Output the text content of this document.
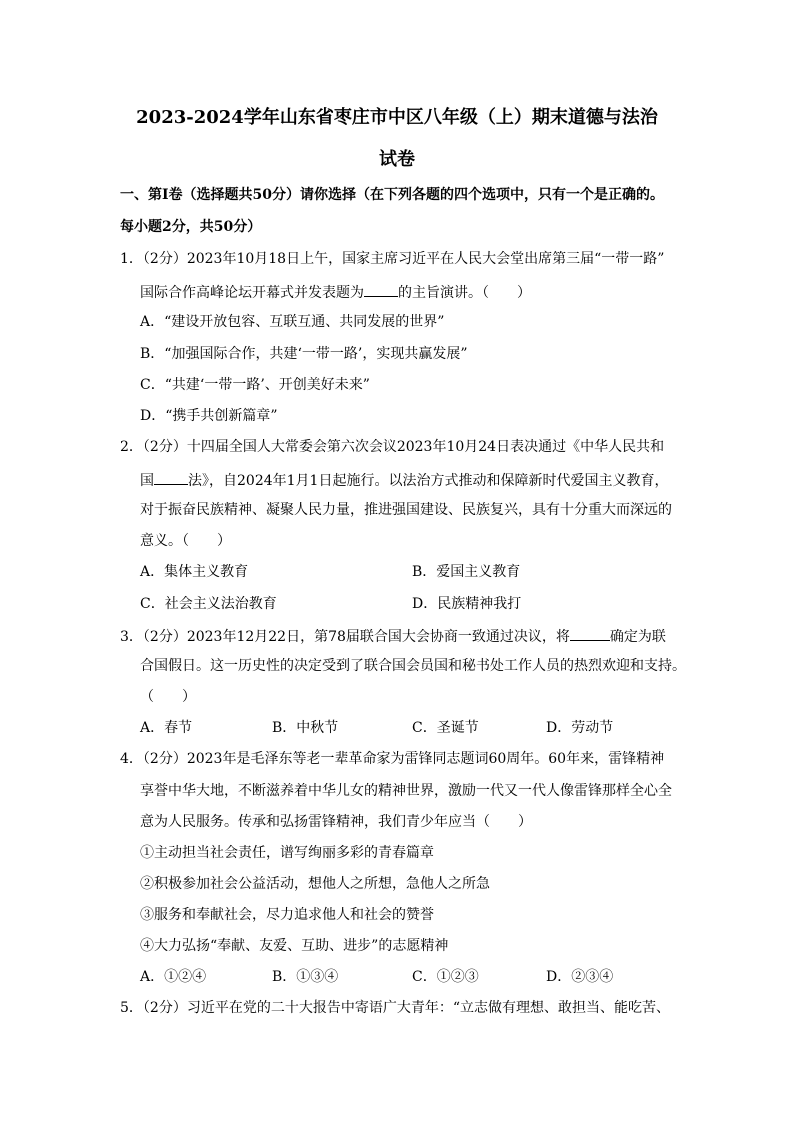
2023-2024学年山东省枣庄市中区八年级（上）期末道德与法治
试卷
一、第Ⅰ卷（选择题共50分）请你选择（在下列各题的四个选项中，只有一个是正确的。
每小题2分，共50分）
1．（2分）2023年10月18日上午，国家主席习近平在人民大会堂出席第三届“一带一路”
国际合作高峰论坛开幕式并发表题为 的主旨演讲。（　　）
A．“建设开放包容、互联互通、共同发展的世界”
B．“加强国际合作，共建‘一带一路’，实现共赢发展”
C．“共建‘一带一路’、开创美好未来”
D．“携手共创新篇章”
2．（2分）十四届全国人大常委会第六次会议2023年10月24日表决通过《中华人民共和
国 法》，自2024年1月1日起施行。以法治方式推动和保障新时代爱国主义教育，
对于振奋民族精神、凝聚人民力量，推进强国建设、民族复兴，具有十分重大而深远的
意义。（　　）
A．集体主义教育	B．爱国主义教育
C．社会主义法治教育	D．民族精神我打
3．（2分）2023年12月22日，第78届联合国大会协商一致通过决议，将	确定为联
合国假日。这一历史性的决定受到了联合国会员国和秘书处工作人员的热烈欢迎和支持。
（　　）
A．春节	B．中秋节	C．圣诞节	D．劳动节
4．（2分）2023年是毛泽东等老一辈革命家为雷锋同志题词60周年。60年来，雷锋精神
享誉中华大地，不断滋养着中华儿女的精神世界，激励一代又一代人像雷锋那样全心全
意为人民服务。传承和弘扬雷锋精神，我们青少年应当（　　）
①主动担当社会责任，谱写绚丽多彩的青春篇章
②积极参加社会公益活动，想他人之所想，急他人之所急
③服务和奉献社会，尽力追求他人和社会的赞誉
④大力弘扬“奉献、友爱、互助、进步”的志愿精神
A．①②④	B．①③④	C．①②③	D．②③④
5．（2分）习近平在党的二十大报告中寄语广大青年：“立志做有理想、敢担当、能吃苦、
